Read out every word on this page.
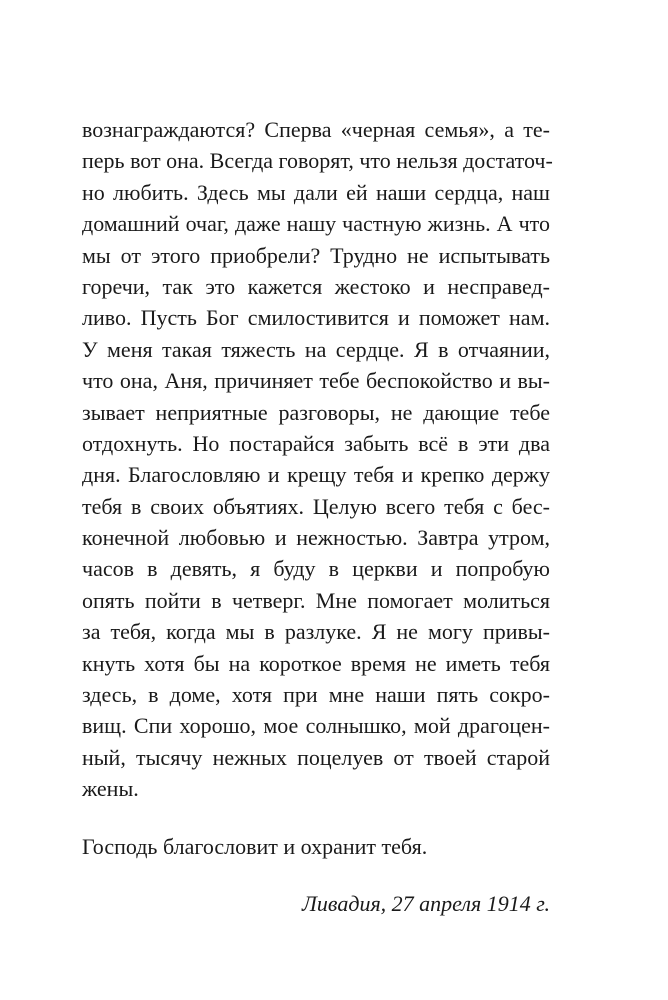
вознаграждаются? Сперва «черная семья», а те-
перь вот она. Всегда говорят, что нельзя достаточ-
но любить. Здесь мы дали ей наши сердца, наш
домашний очаг, даже нашу частную жизнь. А что
мы от этого приобрели? Трудно не испытывать
горечи, так это кажется жестоко и несправед-
ливо. Пусть Бог смилостивится и поможет нам.
У меня такая тяжесть на сердце. Я в отчаянии,
что она, Аня, причиняет тебе беспокойство и вы-
зывает неприятные разговоры, не дающие тебе
отдохнуть. Но постарайся забыть всё в эти два
дня. Благословляю и крещу тебя и крепко держу
тебя в своих объятиях. Целую всего тебя с бес-
конечной любовью и нежностью. Завтра утром,
часов в девять, я буду в церкви и попробую
опять пойти в четверг. Мне помогает молиться
за тебя, когда мы в разлуке. Я не могу привы-
кнуть хотя бы на короткое время не иметь тебя
здесь, в доме, хотя при мне наши пять сокро-
вищ. Спи хорошо, мое солнышко, мой драгоцен-
ный, тысячу нежных поцелуев от твоей старой
жены.
Господь благословит и охранит тебя.
Ливадия, 27 апреля 1914 г.
